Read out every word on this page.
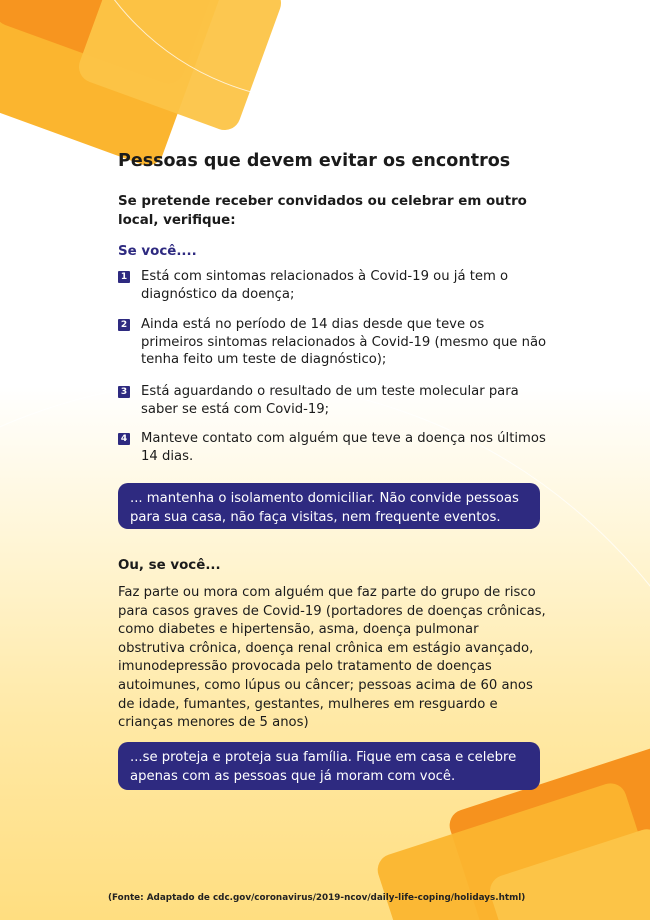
Pessoas que devem evitar os encontros
Se pretende receber convidados ou celebrar em outro local, verifique:
Se você....
1 Está com sintomas relacionados à Covid-19 ou já tem o diagnóstico da doença;
2 Ainda está no período de 14 dias desde que teve os primeiros sintomas relacionados à Covid-19 (mesmo que não tenha feito um teste de diagnóstico);
3 Está aguardando o resultado de um teste molecular para saber se está com Covid-19;
4 Manteve contato com alguém que teve a doença nos últimos 14 dias.
... mantenha o isolamento domiciliar. Não convide pessoas para sua casa, não faça visitas, nem frequente eventos.
Ou, se você...
Faz parte ou mora com alguém que faz parte do grupo de risco para casos graves de Covid-19 (portadores de doenças crônicas, como diabetes e hipertensão, asma, doença pulmonar obstrutiva crônica, doença renal crônica em estágio avançado, imunodepressão provocada pelo tratamento de doenças autoimunes, como lúpus ou câncer; pessoas acima de 60 anos de idade, fumantes, gestantes, mulheres em resguardo e crianças menores de 5 anos)
...se proteja e proteja sua família. Fique em casa e celebre apenas com as pessoas que já moram com você.
(Fonte: Adaptado de cdc.gov/coronavirus/2019-ncov/daily-life-coping/holidays.html)
